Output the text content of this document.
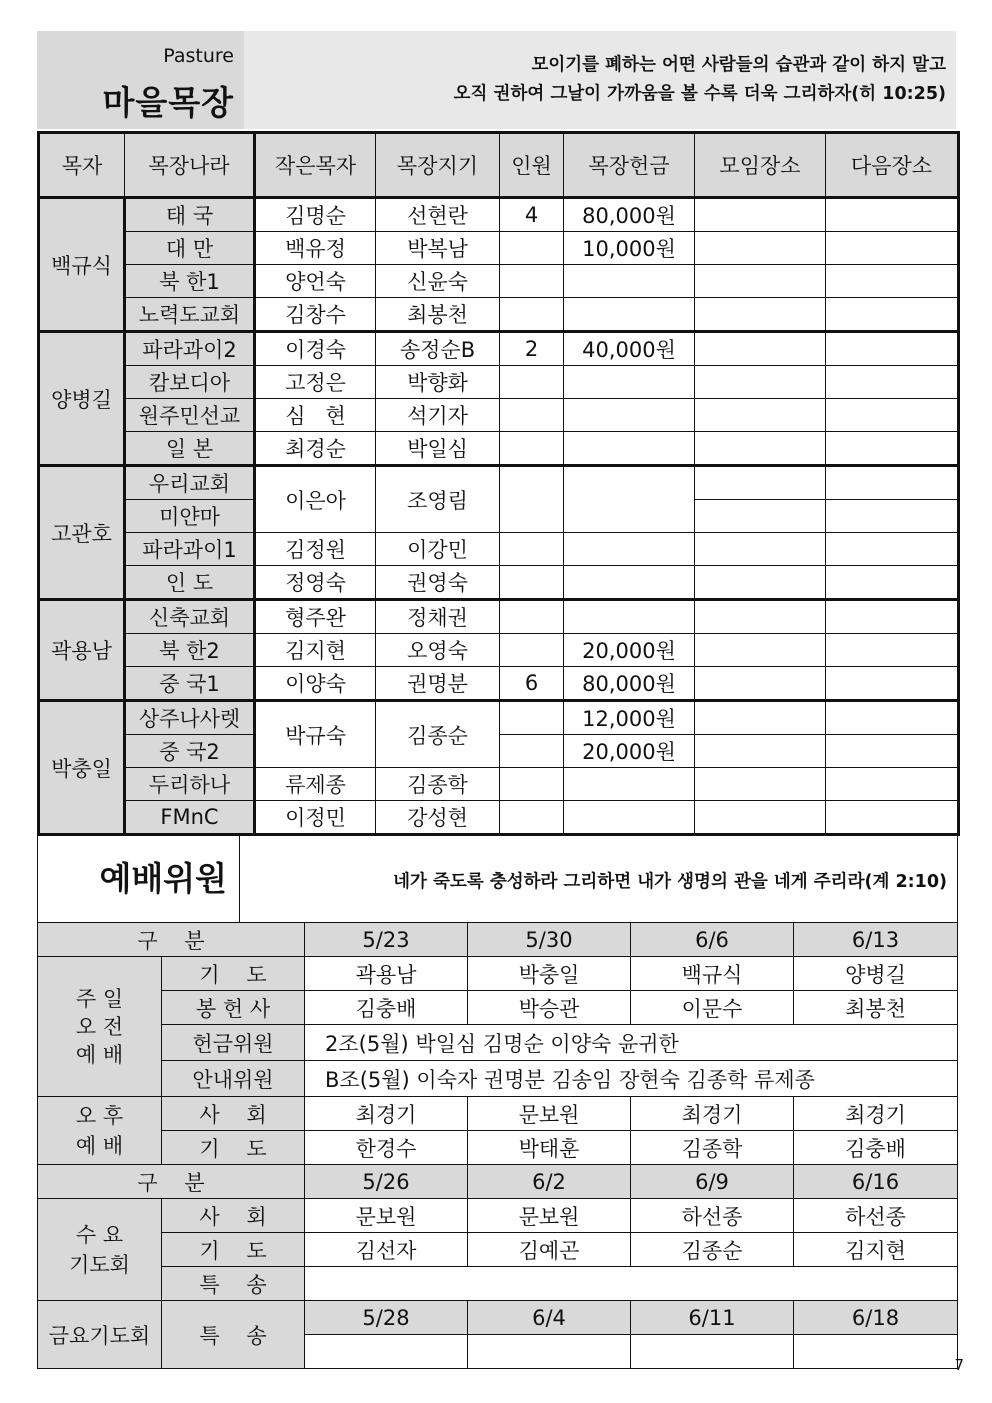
Pasture
마을목장
모이기를 폐하는 어떤 사람들의 습관과 같이 하지 말고
오직 권하여 그날이 가까움을 볼 수록 더욱 그리하자(히 10:25)
목자	목장나라	작은목자	목장지기	인원	목장헌금	모임장소	다음장소
백규식	태 국	김명순	선현란	4	80,000원		
	대 만	백유정	박복남		10,000원		
	북 한1	양언숙	신윤숙				
	노력도교회	김창수	최봉천				
양병길	파라과이2	이경숙	송정순B	2	40,000원		
	캄보디아	고정은	박향화				
	원주민선교	심   현	석기자				
	일 본	최경순	박일심				
고관호	우리교회	이은아	조영림				
	미얀마						
	파라과이1	김정원	이강민				
	인 도	정영숙	권영숙				
곽용남	신축교회	형주완	정채권				
	북 한2	김지현	오영숙		20,000원		
	중 국1	이양숙	권명분	6	80,000원		
박충일	상주나사렛	박규숙	김종순		12,000원		
	중 국2				20,000원		
	두리하나	류제종	김종학				
	FMnC	이정민	강성현				
예배위원	네가 죽도록 충성하라 그리하면 내가 생명의 관을 네게 주리라(계 2:10)
구    분		5/23	5/30	6/6	6/13
주 일
오 전
예 배	기    도	곽용남	박충일	백규식	양병길
	봉 헌 사	김충배	박승관	이문수	최봉천
	헌금위원	2조(5월) 박일심 김명순 이양숙 윤귀한			
	안내위원	B조(5월) 이숙자 권명분 김송임 장현숙 김종학 류제종			
오 후
예 배	사    회	최경기	문보원	최경기	최경기
	기    도	한경수	박태훈	김종학	김충배
구    분		5/26	6/2	6/9	6/16
수 요
기도회	사    회	문보원	문보원	하선종	하선종
	기    도	김선자	김예곤	김종순	김지현
	특    송				
금요기도회	특    송	5/28	6/4	6/11	6/18

7
